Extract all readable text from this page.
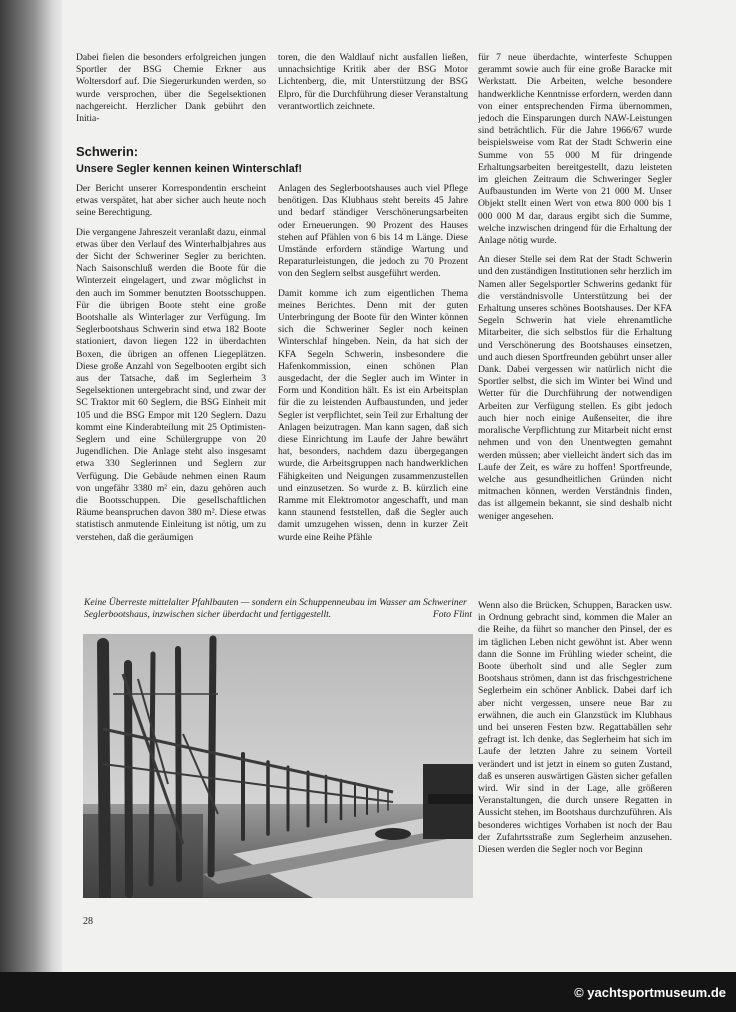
Dabei fielen die besonders erfolgreichen jungen Sportler der BSG Chemie Erkner aus Woltersdorf auf. Die Siegerurkunden werden, so wurde versprochen, über die Segelsektionen nachgereicht. Herzlicher Dank gebührt den Initia-

toren, die den Waldlauf nicht ausfallen ließen, unnachsichtige Kritik aber der BSG Motor Lichtenberg, die, mit Unterstützung der BSG Elpro, für die Durchführung dieser Veranstaltung verantwortlich zeichnete.

Schwerin:
Unsere Segler kennen keinen Winterschlaf!

Der Bericht unserer Korrespondentin erscheint etwas verspätet, hat aber sicher auch heute noch seine Berechtigung.

Die vergangene Jahreszeit veranlaßt dazu, einmal etwas über den Verlauf des Winterhalbjahres aus der Sicht der Schweriner Segler zu berichten. Nach Saisonschluß werden die Boote für die Winterzeit eingelagert, und zwar möglichst in den auch im Sommer benutzten Bootsschuppen. Für die übrigen Boote steht eine große Bootshalle als Winterlager zur Verfügung. Im Seglerbootshaus Schwerin sind etwa 182 Boote stationiert, davon liegen 122 in überdachten Boxen, die übrigen an offenen Liegeplätzen. Diese große Anzahl von Segelbooten ergibt sich aus der Tatsache, daß im Seglerheim 3 Segelsektionen untergebracht sind, und zwar der SC Traktor mit 60 Seglern, die BSG Einheit mit 105 und die BSG Empor mit 120 Seglern. Dazu kommt eine Kinderabteilung mit 25 Optimisten-Seglern und eine Schülergruppe von 20 Jugendlichen. Die Anlage steht also insgesamt etwa 330 Seglerinnen und Seglern zur Verfügung. Die Gebäude nehmen einen Raum von ungefähr 3380 m² ein, dazu gehören auch die Bootsschuppen. Die gesellschaftlichen Räume beanspruchen davon 380 m². Diese etwas statistisch anmutende Einleitung ist nötig, um zu verstehen, daß die geräumigen

Anlagen des Seglerbootshauses auch viel Pflege benötigen. Das Klubhaus steht bereits 45 Jahre und bedarf ständiger Verschönerungsarbeiten oder Erneuerungen. 90 Prozent des Hauses stehen auf Pfählen von 6 bis 14 m Länge. Diese Umstände erfordern ständige Wartung und Reparaturleistungen, die jedoch zu 70 Prozent von den Seglern selbst ausgeführt werden.

Damit komme ich zum eigentlichen Thema meines Berichtes. Denn mit der guten Unterbringung der Boote für den Winter können sich die Schweriner Segler noch keinen Winterschlaf hingeben. Nein, da hat sich der KFA Segeln Schwerin, insbesondere die Hafenkommission, einen schönen Plan ausgedacht, der die Segler auch im Winter in Form und Kondition hält. Es ist ein Arbeitsplan für die zu leistenden Aufbaustunden, und jeder Segler ist verpflichtet, sein Teil zur Erhaltung der Anlagen beizutragen. Man kann sagen, daß sich diese Einrichtung im Laufe der Jahre bewährt hat, besonders, nachdem dazu übergegangen wurde, die Arbeitsgruppen nach handwerklichen Fähigkeiten und Neigungen zusammenzustellen und einzusetzen. So wurde z. B. kürzlich eine Ramme mit Elektromotor angeschafft, und man kann staunend feststellen, daß die Segler auch damit umzugehen wissen, denn in kurzer Zeit wurde eine Reihe Pfähle

für 7 neue überdachte, winterfeste Schuppen gerammt sowie auch für eine große Baracke mit Werkstatt. Die Arbeiten, welche besondere handwerkliche Kenntnisse erfordern, werden dann von einer entsprechenden Firma übernommen, jedoch die Einsparungen durch NAW-Leistungen sind beträchtlich. Für die Jahre 1966/67 wurde beispielsweise vom Rat der Stadt Schwerin eine Summe von 55 000 M für dringende Erhaltungsarbeiten bereitgestellt, dazu leisteten im gleichen Zeitraum die Schweringer Segler Aufbaustunden im Werte von 21 000 M. Unser Objekt stellt einen Wert von etwa 800 000 bis 1 000 000 M dar, daraus ergibt sich die Summe, welche inzwischen dringend für die Erhaltung der Anlage nötig wurde.

An dieser Stelle sei dem Rat der Stadt Schwerin und den zuständigen Institutionen sehr herzlich im Namen aller Segelsportler Schwerins gedankt für die verständnisvolle Unterstützung bei der Erhaltung unseres schönes Bootshauses. Der KFA Segeln Schwerin hat viele ehrenamtliche Mitarbeiter, die sich selbstlos für die Erhaltung und Verschönerung des Bootshauses einsetzen, und auch diesen Sportfreunden gebührt unser aller Dank. Dabei vergessen wir natürlich nicht die Sportler selbst, die sich im Winter bei Wind und Wetter für die Durchführung der notwendigen Arbeiten zur Verfügung stellen. Es gibt jedoch auch hier noch einige Außenseiter, die ihre moralische Verpflichtung zur Mitarbeit nicht ernst nehmen und von den Unentwegten gemahnt werden müssen; aber vielleicht ändert sich das im Laufe der Zeit, es wäre zu hoffen! Sportfreunde, welche aus gesundheitlichen Gründen nicht mitmachen können, werden Verständnis finden, das ist allgemein bekannt, sie sind deshalb nicht weniger angesehen.

Wenn also die Brücken, Schuppen, Baracken usw. in Ordnung gebracht sind, kommen die Maler an die Reihe, da führt so mancher den Pinsel, der es im täglichen Leben nicht gewöhnt ist. Aber wenn dann die Sonne im Frühling wieder scheint, die Boote überholt sind und alle Segler zum Bootshaus strömen, dann ist das frischgestrichene Seglerheim ein schöner Anblick. Dabei darf ich aber nicht vergessen, unsere neue Bar zu erwähnen, die auch ein Glanzstück im Klubhaus und bei unseren Festen bzw. Regattabällen sehr gefragt ist. Ich denke, das Seglerheim hat sich im Laufe der letzten Jahre zu seinem Vorteil verändert und ist jetzt in einem so guten Zustand, daß es unseren auswärtigen Gästen sicher gefallen wird. Wir sind in der Lage, alle größeren Veranstaltungen, die durch unsere Regatten in Aussicht stehen, im Bootshaus durchzuführen. Als besonderes wichtiges Vorhaben ist noch der Bau der Zufahrtsstraße zum Seglerheim anzusehen. Diesen werden die Segler noch vor Beginn

Keine Überreste mittelalter Pfahlbauten — sondern ein Schuppenneubau im Wasser am Schweriner Seglerbootshaus, inzwischen sicher überdacht und fertiggestellt.	Foto Flint
28
© yachtsportmuseum.de
